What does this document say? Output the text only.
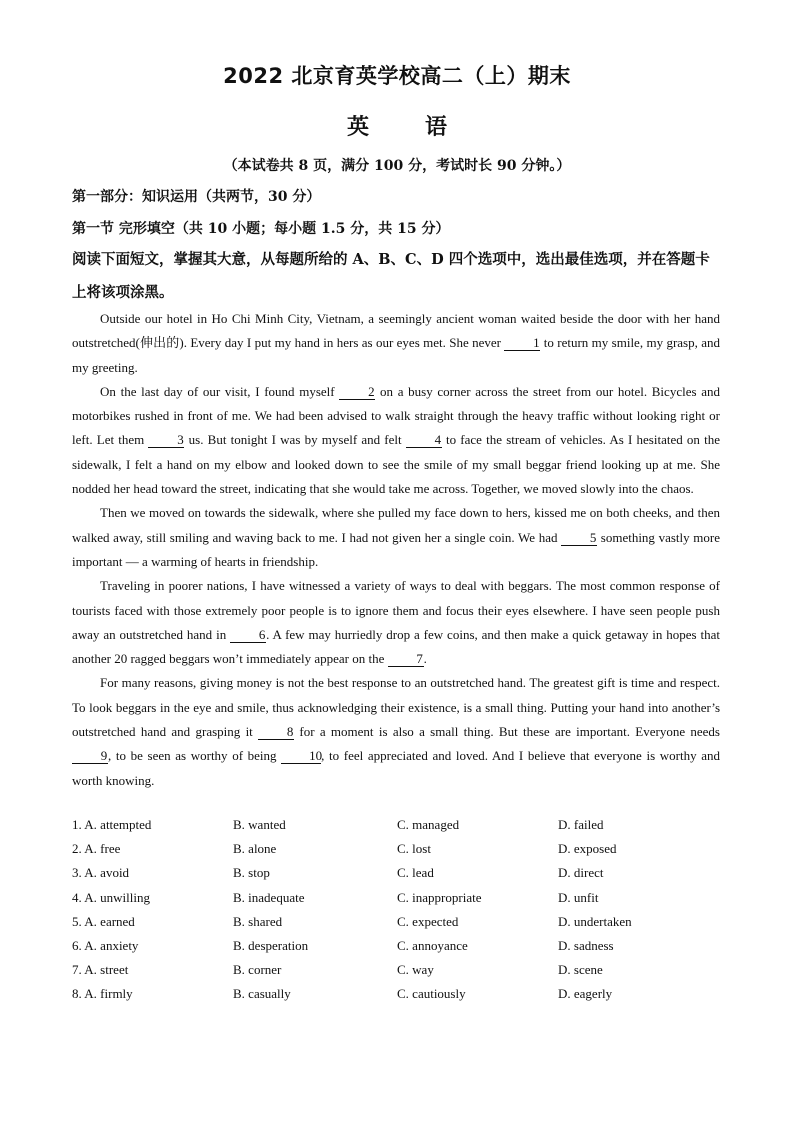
2022 北京育英学校高二（上）期末
英	语
（本试卷共 8 页，满分 100 分，考试时长 90 分钟。）
第一部分：知识运用（共两节，30 分）
第一节 完形填空（共 10 小题；每小题 1.5 分，共 15 分）
阅读下面短文，掌握其大意，从每题所给的 A、B、C、D 四个选项中，选出最佳选项，并在答题卡上将该项涂黑。

Outside our hotel in Ho Chi Minh City, Vietnam, a seemingly ancient woman waited beside the door with her hand outstretched(伸出的). Every day I put my hand in hers as our eyes met. She never 1 to return my smile, my grasp, and my greeting.

On the last day of our visit, I found myself 2 on a busy corner across the street from our hotel. Bicycles and motorbikes rushed in front of me. We had been advised to walk straight through the heavy traffic without looking right or left. Let them 3 us. But tonight I was by myself and felt 4 to face the stream of vehicles. As I hesitated on the sidewalk, I felt a hand on my elbow and looked down to see the smile of my small beggar friend looking up at me. She nodded her head toward the street, indicating that she would take me across. Together, we moved slowly into the chaos.

Then we moved on towards the sidewalk, where she pulled my face down to hers, kissed me on both cheeks, and then walked away, still smiling and waving back to me. I had not given her a single coin. We had 5 something vastly more important — a warming of hearts in friendship.

Traveling in poorer nations, I have witnessed a variety of ways to deal with beggars. The most common response of tourists faced with those extremely poor people is to ignore them and focus their eyes elsewhere. I have seen people push away an outstretched hand in 6. A few may hurriedly drop a few coins, and then make a quick getaway in hopes that another 20 ragged beggars won’t immediately appear on the 7.

For many reasons, giving money is not the best response to an outstretched hand. The greatest gift is time and respect. To look beggars in the eye and smile, thus acknowledging their existence, is a small thing. Putting your hand into another’s outstretched hand and grasping it 8 for a moment is also a small thing. But these are important. Everyone needs 9, to be seen as worthy of being 10, to feel appreciated and loved. And I believe that everyone is worthy and worth knowing.

1. A. attempted	B. wanted	C. managed	D. failed
2. A. free	B. alone	C. lost	D. exposed
3. A. avoid	B. stop	C. lead	D. direct
4. A. unwilling	B. inadequate	C. inappropriate	D. unfit
5. A. earned	B. shared	C. expected	D. undertaken
6. A. anxiety	B. desperation	C. annoyance	D. sadness
7. A. street	B. corner	C. way	D. scene
8. A. firmly	B. casually	C. cautiously	D. eagerly
